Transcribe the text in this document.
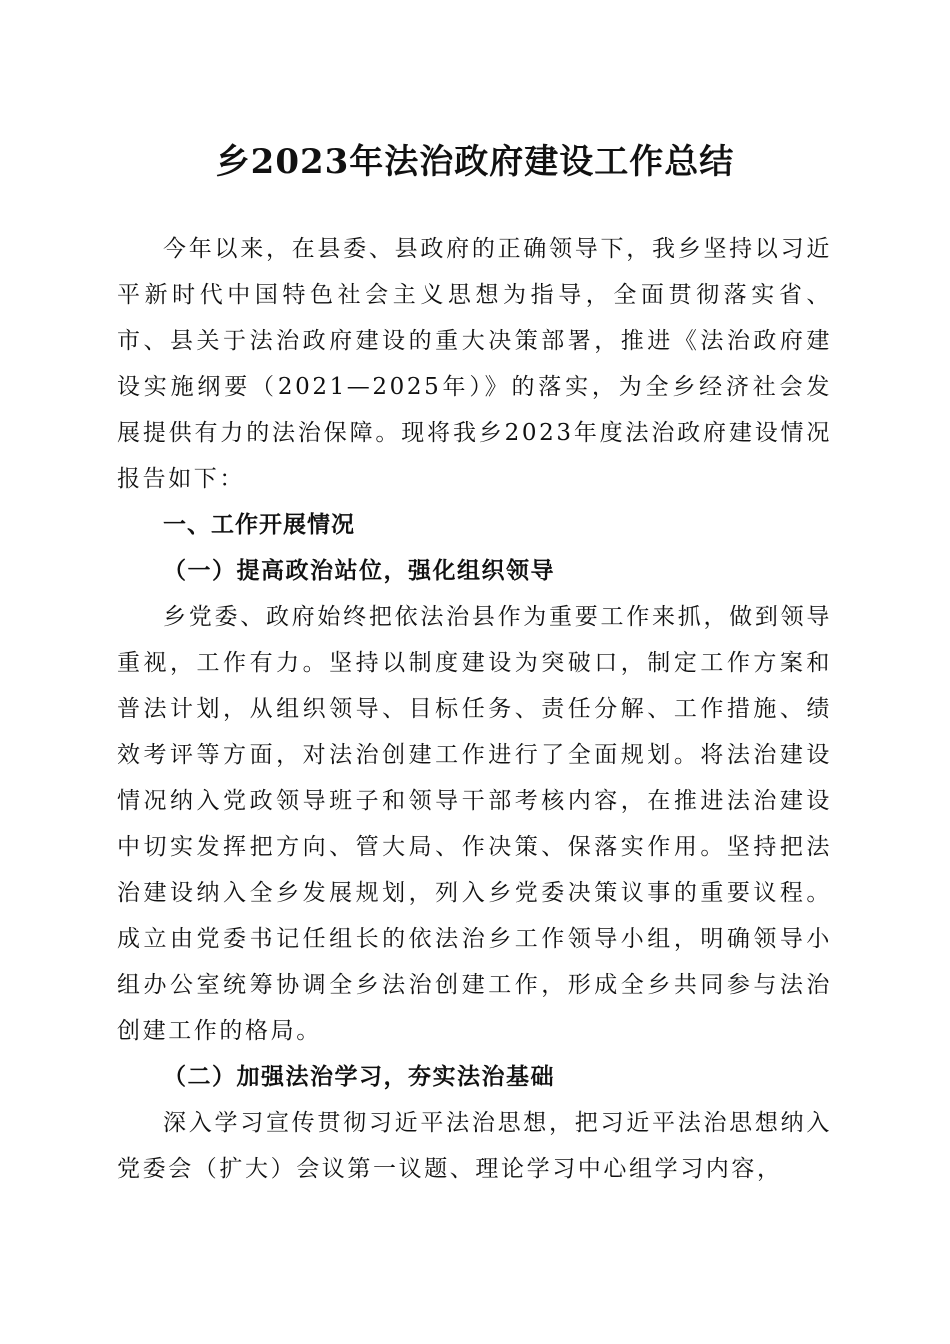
乡2023年法治政府建设工作总结

今年以来，在县委、县政府的正确领导下，我乡坚持以习近平新时代中国特色社会主义思想为指导，全面贯彻落实省、市、县关于法治政府建设的重大决策部署，推进《法治政府建设实施纲要（2021—2025年）》的落实，为全乡经济社会发展提供有力的法治保障。现将我乡2023年度法治政府建设情况报告如下：

一、工作开展情况

（一）提高政治站位，强化组织领导

乡党委、政府始终把依法治县作为重要工作来抓，做到领导重视，工作有力。坚持以制度建设为突破口，制定工作方案和普法计划，从组织领导、目标任务、责任分解、工作措施、绩效考评等方面，对法治创建工作进行了全面规划。将法治建设情况纳入党政领导班子和领导干部考核内容，在推进法治建设中切实发挥把方向、管大局、作决策、保落实作用。坚持把法治建设纳入全乡发展规划，列入乡党委决策议事的重要议程。成立由党委书记任组长的依法治乡工作领导小组，明确领导小组办公室统筹协调全乡法治创建工作，形成全乡共同参与法治创建工作的格局。

（二）加强法治学习，夯实法治基础

深入学习宣传贯彻习近平法治思想，把习近平法治思想纳入党委会（扩大）会议第一议题、理论学习中心组学习内容，
